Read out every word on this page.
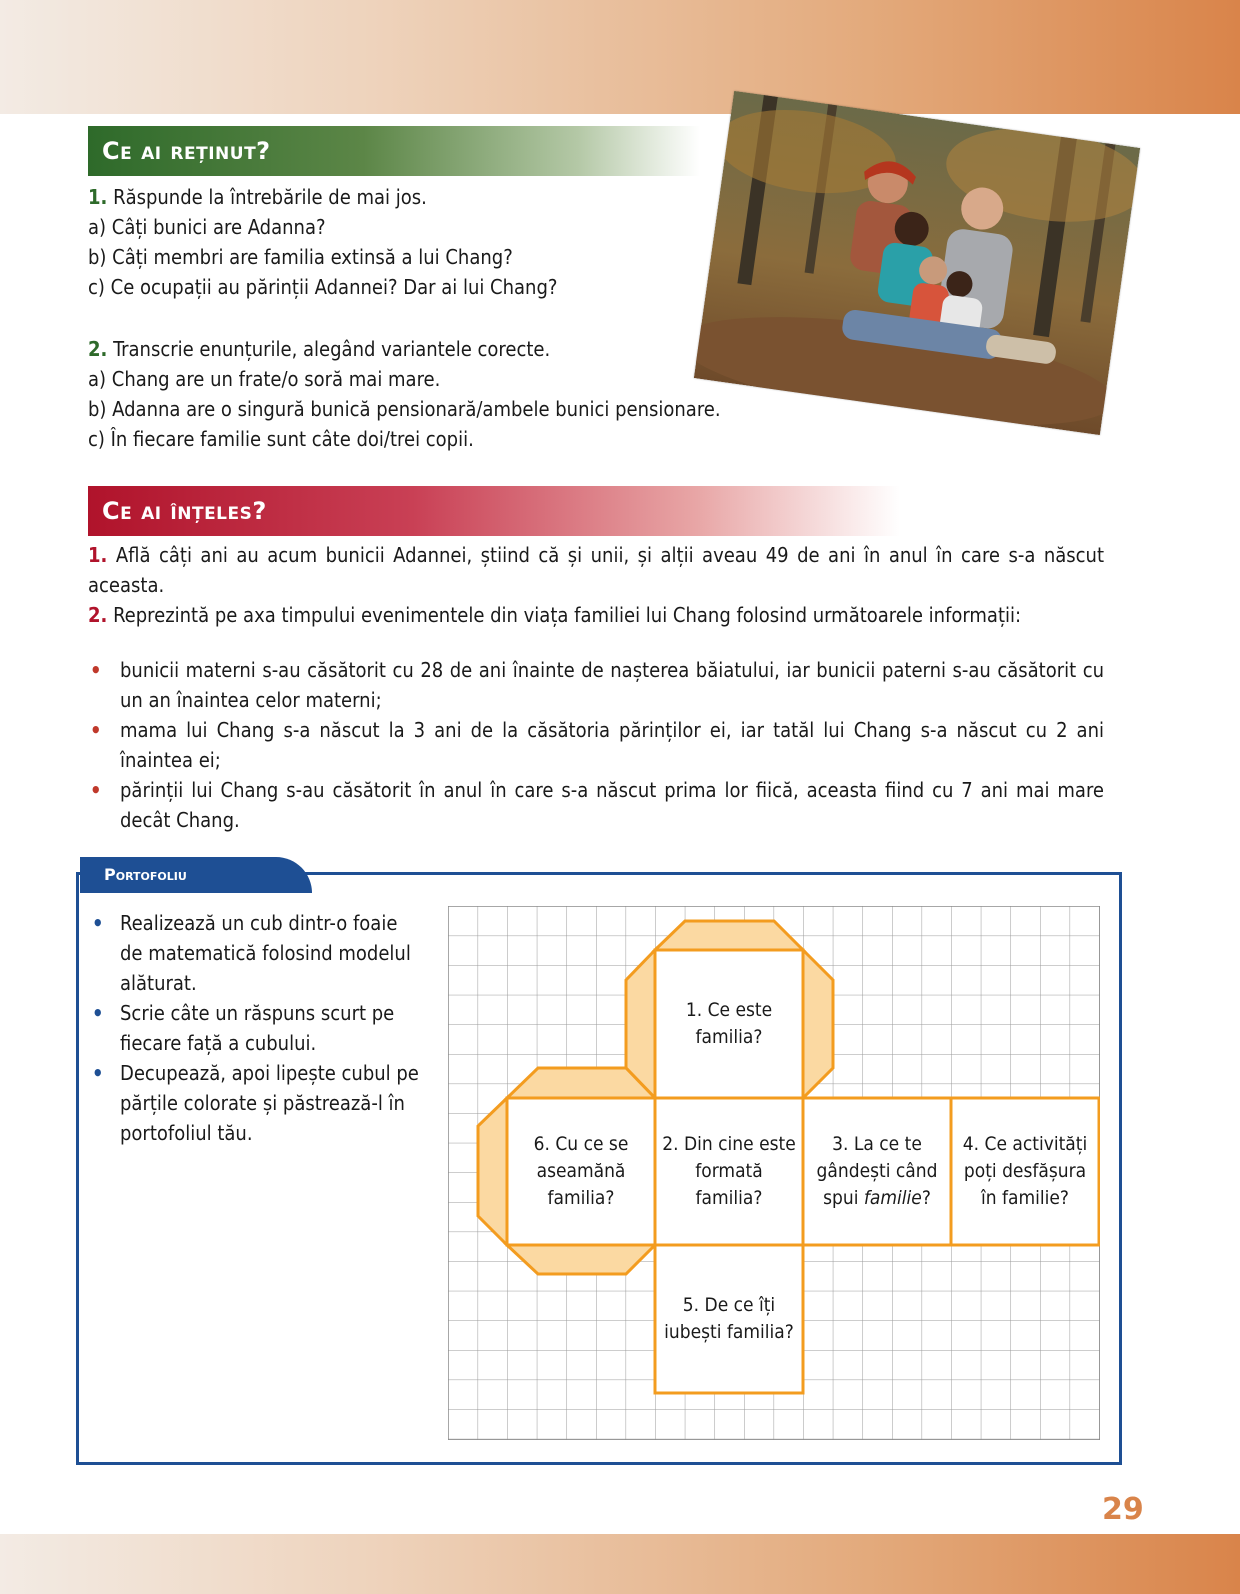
Ce ai reținut?
1. Răspunde la întrebările de mai jos.
a) Câți bunici are Adanna?
b) Câți membri are familia extinsă a lui Chang?
c) Ce ocupații au părinții Adannei? Dar ai lui Chang?
2. Transcrie enunțurile, alegând variantele corecte.
a) Chang are un frate/o soră mai mare.
b) Adanna are o singură bunică pensionară/ambele bunici pensionare.
c) În fiecare familie sunt câte doi/trei copii.
Ce ai înțeles?
1. Află câți ani au acum bunicii Adannei, știind că și unii, și alții aveau 49 de ani în anul în care s-a născut aceasta.
2. Reprezintă pe axa timpului evenimentele din viața familiei lui Chang folosind următoarele informații:
• bunicii materni s-au căsătorit cu 28 de ani înainte de nașterea băiatului, iar bunicii paterni s-au căsătorit cu un an înaintea celor materni;
• mama lui Chang s-a născut la 3 ani de la căsătoria părinților ei, iar tatăl lui Chang s-a născut cu 2 ani înaintea ei;
• părinții lui Chang s-au căsătorit în anul în care s-a născut prima lor fiică, aceasta fiind cu 7 ani mai mare decât Chang.
Portofoliu
• Realizează un cub dintr-o foaie de matematică folosind modelul alăturat.
• Scrie câte un răspuns scurt pe fiecare față a cubului.
• Decupează, apoi lipește cubul pe părțile colorate și păstrează-l în portofoliul tău.
1. Ce este familia?
6. Cu ce se aseamănă familia?
2. Din cine este formată familia?
3. La ce te gândești când spui familie?
4. Ce activități poți desfășura în familie?
5. De ce îți iubești familia?
29
